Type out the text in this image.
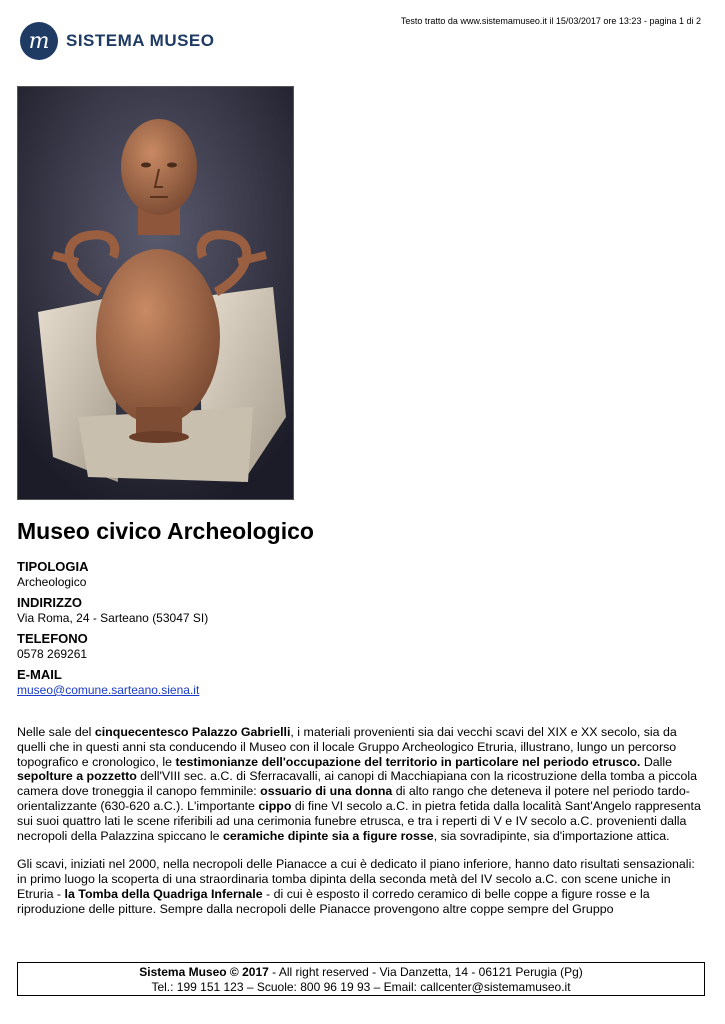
Testo tratto da www.sistemamuseo.it il 15/03/2017 ore 13:23 - pagina 1 di 2
m SISTEMA MUSEO
Museo civico Archeologico
TIPOLOGIA
Archeologico
INDIRIZZO
Via Roma, 24 - Sarteano (53047 SI)
TELEFONO
0578 269261
E-MAIL
museo@comune.sarteano.siena.it

Nelle sale del cinquecentesco Palazzo Gabrielli, i materiali provenienti sia dai vecchi scavi del XIX e XX secolo, sia da quelli che in questi anni sta conducendo il Museo con il locale Gruppo Archeologico Etruria, illustrano, lungo un percorso topografico e cronologico, le testimonianze dell'occupazione del territorio in particolare nel periodo etrusco. Dalle sepolture a pozzetto dell'VIII sec. a.C. di Sferracavalli, ai canopi di Macchiapiana con la ricostruzione della tomba a piccola camera dove troneggia il canopo femminile: ossuario di una donna di alto rango che deteneva il potere nel periodo tardo-orientalizzante (630-620 a.C.). L'importante cippo di fine VI secolo a.C. in pietra fetida dalla località Sant'Angelo rappresenta sui suoi quattro lati le scene riferibili ad una cerimonia funebre etrusca, e tra i reperti di V e IV secolo a.C. provenienti dalla necropoli della Palazzina spiccano le ceramiche dipinte sia a figure rosse, sia sovradipinte, sia d'importazione attica.

Gli scavi, iniziati nel 2000, nella necropoli delle Pianacce a cui è dedicato il piano inferiore, hanno dato risultati sensazionali: in primo luogo la scoperta di una straordinaria tomba dipinta della seconda metà del IV secolo a.C. con scene uniche in Etruria - la Tomba della Quadriga Infernale - di cui è esposto il corredo ceramico di belle coppe a figure rosse e la riproduzione delle pitture. Sempre dalla necropoli delle Pianacce provengono altre coppe sempre del Gruppo

Sistema Museo © 2017 - All right reserved - Via Danzetta, 14 - 06121 Perugia (Pg)
Tel.: 199 151 123 – Scuole: 800 96 19 93 – Email: callcenter@sistemamuseo.it
